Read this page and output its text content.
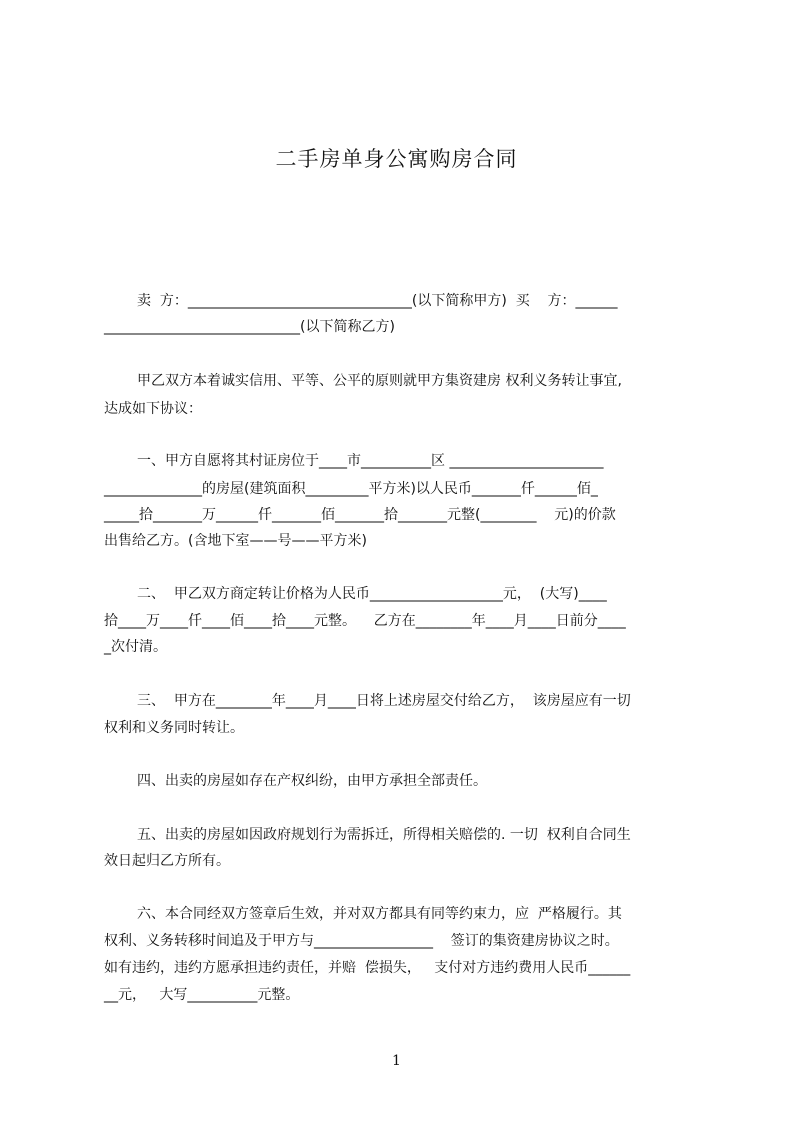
二手房单身公寓购房合同
卖  方：________________________________(以下简称甲方)  买    方：______
____________________________(以下简称乙方)
甲乙双方本着诚实信用、平等、公平的原则就甲方集资建房 权利义务转让事宜,
达成如下协议：
一、甲方自愿将其村证房位于____市__________区 ______________________
______________的房屋(建筑面积_________平方米)以人民币_______仟______佰_
_____拾_______万______仟_______佰_______拾_______元整(________    元)的价款
出售给乙方。(含地下室——号——平方米)
二、  甲乙双方商定转让价格为人民币___________________元，  (大写)____
拾____万____仟____佰____拾____元整。    乙方在________年____月____日前分____
_次付清。
三、  甲方在________年____月____日将上述房屋交付给乙方，  该房屋应有一切
权利和义务同时转让。
四、出卖的房屋如存在产权纠纷，由甲方承担全部责任。
五、出卖的房屋如因政府规划行为需拆迁，所得相关赔偿的. 一切  权利自合同生
效日起归乙方所有。
六、本合同经双方签章后生效，并对双方都具有同等约束力，应  严格履行。其
权利、义务转移时间追及于甲方与_________________    签订的集资建房协议之时。
如有违约，违约方愿承担违约责任，并赔  偿损失，   支付对方违约费用人民币______
__元，   大写__________元整。
1
